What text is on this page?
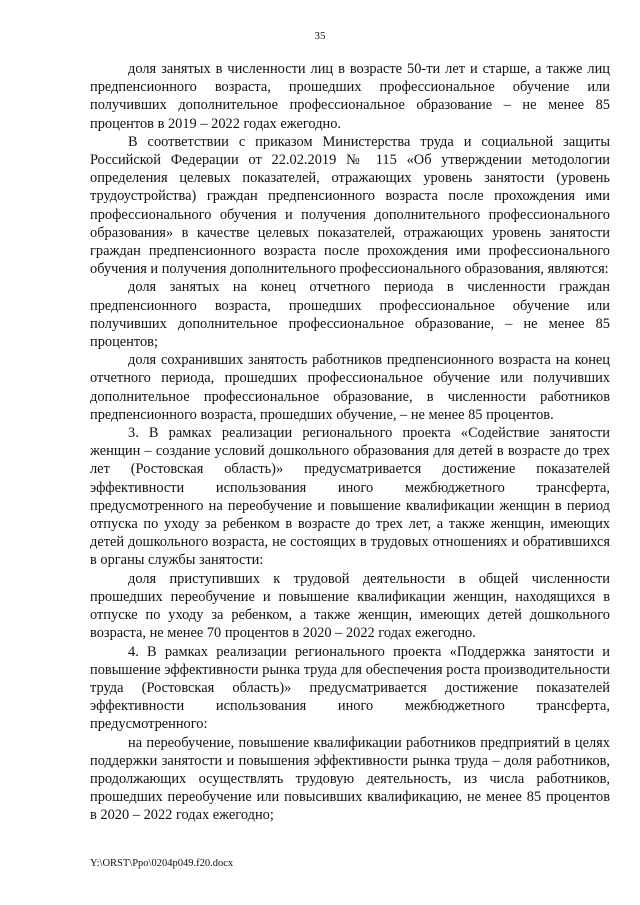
35

доля занятых в численности лиц в возрасте 50-ти лет и старше, а также лиц предпенсионного возраста, прошедших профессиональное обучение или получивших дополнительное профессиональное образование – не менее 85 процентов в 2019 – 2022 годах ежегодно.

В соответствии с приказом Министерства труда и социальной защиты Российской Федерации от 22.02.2019 № 115 «Об утверждении методологии определения целевых показателей, отражающих уровень занятости (уровень трудоустройства) граждан предпенсионного возраста после прохождения ими профессионального обучения и получения дополнительного профессионального образования» в качестве целевых показателей, отражающих уровень занятости граждан предпенсионного возраста после прохождения ими профессионального обучения и получения дополнительного профессионального образования, являются:

доля занятых на конец отчетного периода в численности граждан предпенсионного возраста, прошедших профессиональное обучение или получивших дополнительное профессиональное образование, – не менее 85 процентов;

доля сохранивших занятость работников предпенсионного возраста на конец отчетного периода, прошедших профессиональное обучение или получивших дополнительное профессиональное образование, в численности работников предпенсионного возраста, прошедших обучение, – не менее 85 процентов.

3. В рамках реализации регионального проекта «Содействие занятости женщин – создание условий дошкольного образования для детей в возрасте до трех лет (Ростовская область)» предусматривается достижение показателей эффективности использования иного межбюджетного трансферта, предусмотренного на переобучение и повышение квалификации женщин в период отпуска по уходу за ребенком в возрасте до трех лет, а также женщин, имеющих детей дошкольного возраста, не состоящих в трудовых отношениях и обратившихся в органы службы занятости:

доля приступивших к трудовой деятельности в общей численности прошедших переобучение и повышение квалификации женщин, находящихся в отпуске по уходу за ребенком, а также женщин, имеющих детей дошкольного возраста, не менее 70 процентов в 2020 – 2022 годах ежегодно.

4. В рамках реализации регионального проекта «Поддержка занятости и повышение эффективности рынка труда для обеспечения роста производительности труда (Ростовская область)» предусматривается достижение показателей эффективности использования иного межбюджетного трансферта, предусмотренного:

на переобучение, повышение квалификации работников предприятий в целях поддержки занятости и повышения эффективности рынка труда – доля работников, продолжающих осуществлять трудовую деятельность, из числа работников, прошедших переобучение или повысивших квалификацию, не менее 85 процентов в 2020 – 2022 годах ежегодно;

Y:\ORST\Ppo\0204p049.f20.docx
